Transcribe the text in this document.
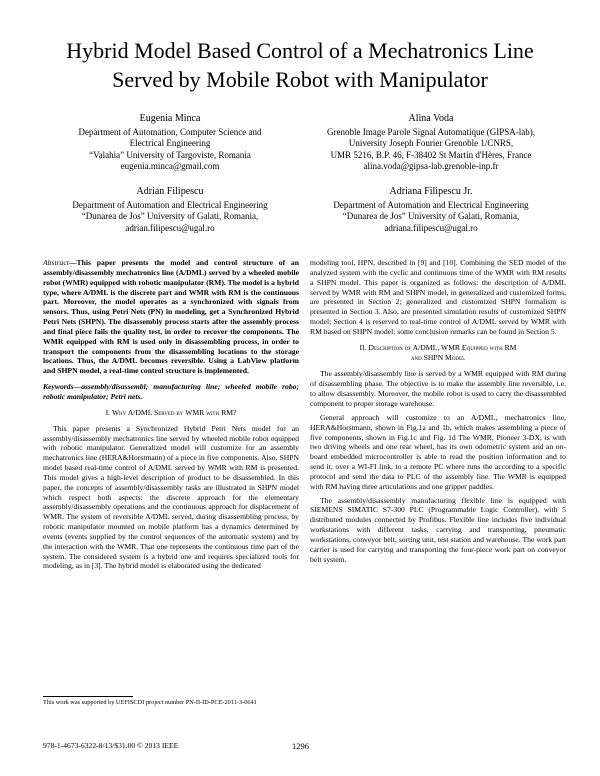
Hybrid Model Based Control of a Mechatronics Line Served by Mobile Robot with Manipulator
Eugenia Minca
Department of Automation, Computer Science and
Electrical Engineering
“Valahia” University of Targoviste, Romania
eugenia.minca@gmail.com
Alina Voda
Grenoble Image Parole Signal Automatique (GIPSA-lab),
University Joseph Fourier Grenoble 1/CNRS,
UMR 5216, B.P. 46, F-38402 St Martin d'Hères, France
alina.voda@gipsa-lab.grenoble-inp.fr
Adrian Filipescu
Department of Automation and Electrical Engineering
“Dunarea de Jos” University of Galati, Romania,
adrian.filipescu@ugal.ro
Adriana Filipescu Jr.
Department of Automation and Electrical Engineering
“Dunarea de Jos” University of Galati, Romania,
adriana.filipescu@ugal.ro

Abstract—This paper presents the model and control structure of an assembly/disassembly mechatronics line (A/DML) served by a wheeled mobile robot (WMR) equipped with robotic manipulator (RM). The model is a hybrid type, where A/DML is the discrete part and WMR with RM is the continuous part. Moreover, the model operates as a synchronized with signals from sensors. Thus, using Petri Nets (PN) in modeling, get a Synchronized Hybrid Petri Nets (SHPN). The disassembly process starts after the assembly process and final piece fails the quality test, in order to recover the components. The WMR equipped with RM is used only in disassembling process, in order to transport the components from the disassembling locations to the storage locations. Thus, the A/DML becomes reversible. Using a LabView platform and SHPN model, a real-time control structure is implemented.

Keywords—assembly/disassembl; manufacturing line; wheeled mobile robo; robotic manipulator; Petri nets.

I. Why A/DML Served by WMR with RM?

This paper presents a Synchronized Hybrid Petri Nets model for an assembly/disassembly mechatronics line served by wheeled mobile robot equipped with robotic manipulator. Generalized model will customize for an assembly mechatronics line (HERA&Horstmann) of a piece in five components. Also, SHPN model based real-time control of A/DML served by WMR with RM is presented. This model gives a high-level description of product to be disassembled. In this paper, the concepts of assembly/disassembly tasks are illustrated in SHPN model which respect both aspects: the discrete approach for the elementary assembly/disassembly operations and the continuous approach for displacement of WMR. The system of reversible A/DML served, during disassembling process, by robotic manipulator mounted on mobile platform has a dynamics determined by events (events supplied by the control sequences of the automatic system) and by the interaction with the WMR. That one represents the continuous time part of the system. The considered system is a hybrid one and requires specialized tools for modeling, as in [3]. The hybrid model is elaborated using the dedicated

modeling tool, HPN, described in [9] and [10]. Combining the SED model of the analyzed system with the cyclic and continuous time of the WMR with RM results a SHPN model. This paper is organized as follows: the description of A/DML served by WMR with RM and SHPN model, in generalized and customized forms, are presented in Section 2; generalized and customized SHPN formalism is presented in Section 3. Also, are presented simulation results of customized SHPN model; Section 4 is reserved to real-time control of A/DML served by WMR with RM based on SHPN model; some conclusion remarks can be found in Section 5.

II. Description of A/DML, WMR Equipped with RM
and SHPN Model

The assembly/disassembly line is served by a WMR equipped with RM during of disassembling phase. The objective is to make the assembly line reversible, i.e. to allow disassembly. Moreover, the mobile robot is used to carry the disassembled component to proper storage warehouse.

General approach will customize to an A/DML, mechatronics line, HERA&Horstmann, shown in Fig.1a and 1b, which makes assembling a piece of five components, shown in Fig.1c and Fig. 1d The WMR, Pioneer 3-DX, is with two driving wheels and one rear wheel, has its own odometric system and an on-board embedded microcontroller is able to read the position information and to send it, over a WI-FI link, to a remote PC where runs the according to a specific protocol and send the data to PLC of the assembly line. The WMR is equipped with RM having three articulations and one gripper paddles.

The assembly/disassembly manufacturing flexible line is equipped with SIEMENS SIMATIC S7-300 PLC (Programmable Logic Controller), with 5 distributed modules connected by Profibus. Flexible line includes five individual workstations with different tasks, carrying and transporting, pneumatic workstations, conveyor belt, sorting unit, test station and warehouse. The work part carrier is used for carrying and transporting the four-piece work part on conveyor belt system.

This work was supported by UEFISCDI project number PN-II-ID-PCE-2011-3-0641
978-1-4673-6322-8/13/$31.00 © 2013 IEEE	1296
